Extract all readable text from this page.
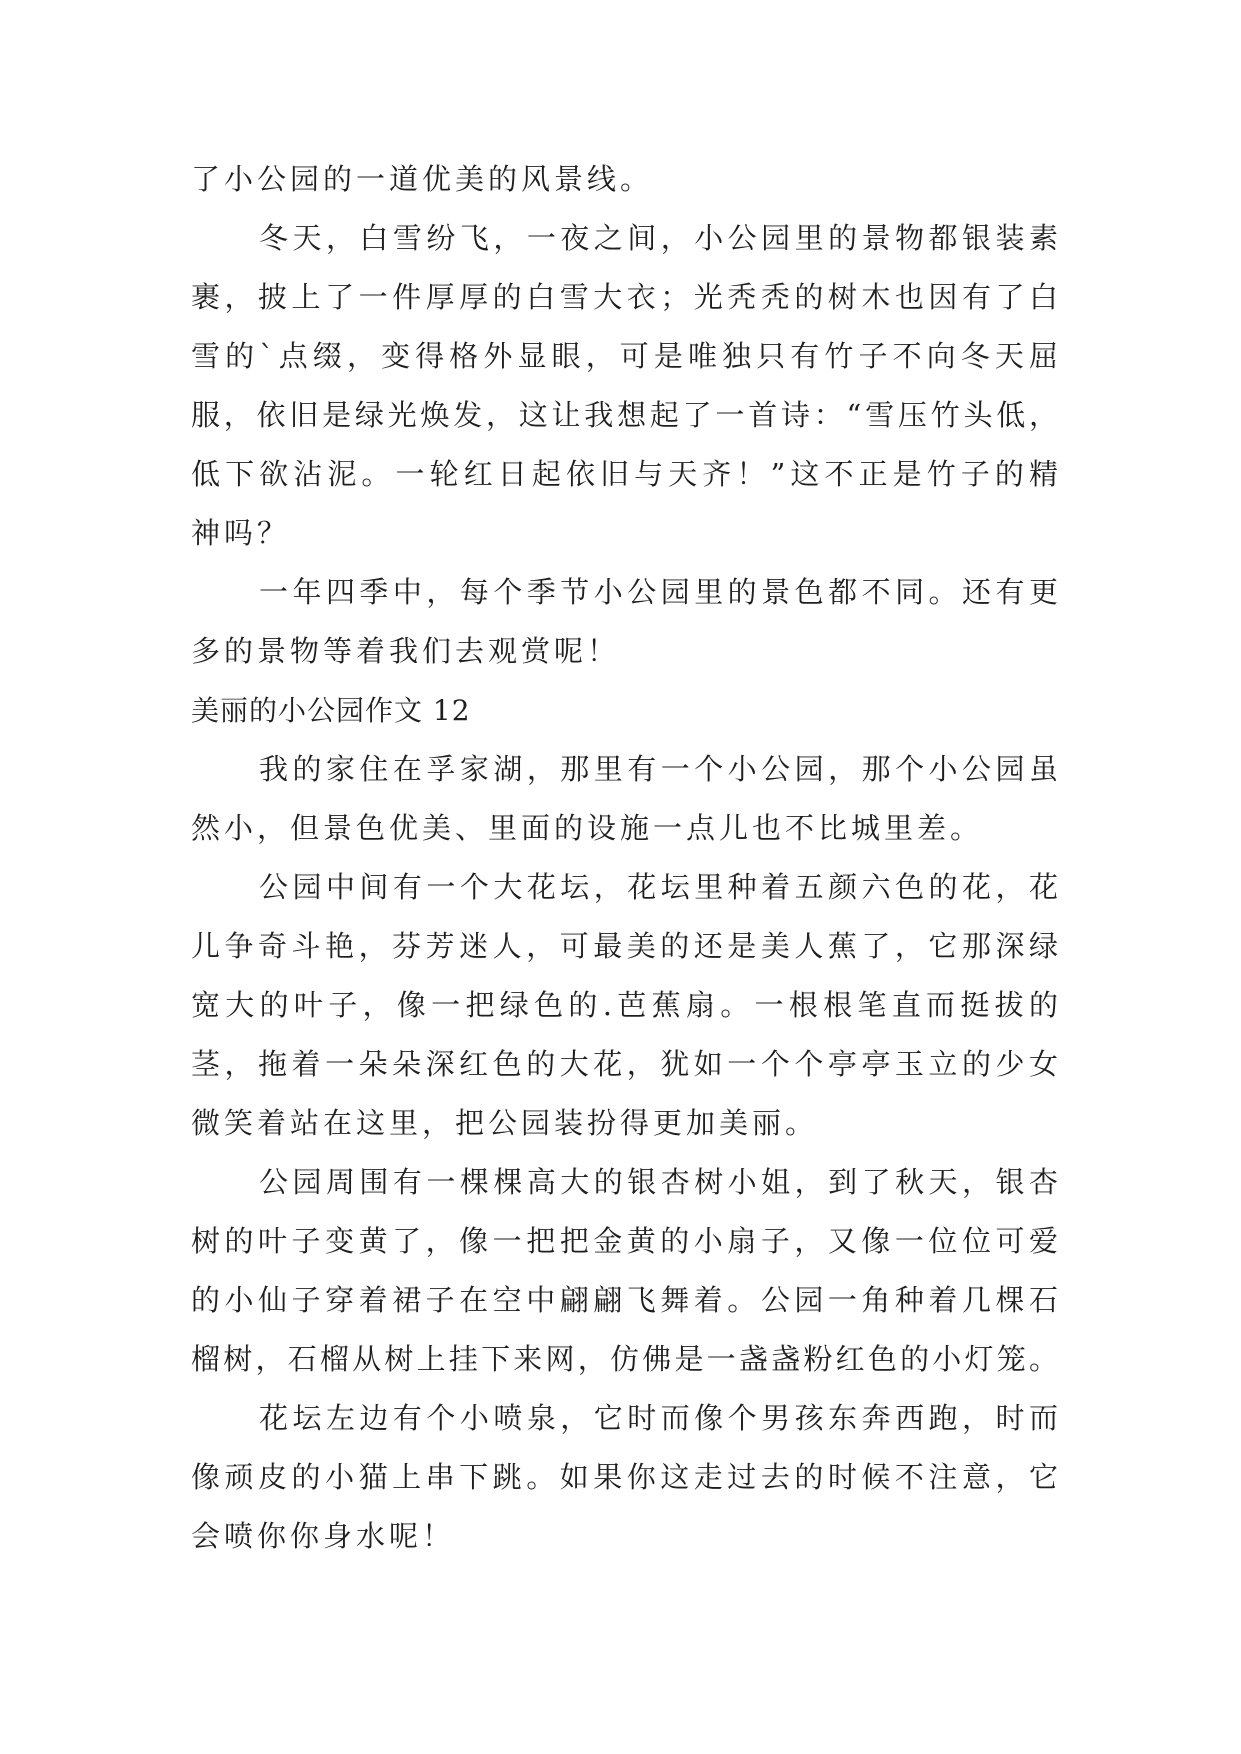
了小公园的一道优美的风景线。
冬天，白雪纷飞，一夜之间，小公园里的景物都银装素
裹，披上了一件厚厚的白雪大衣；光秃秃的树木也因有了白
雪的`点缀，变得格外显眼，可是唯独只有竹子不向冬天屈
服，依旧是绿光焕发，这让我想起了一首诗：“雪压竹头低，
低下欲沾泥。一轮红日起依旧与天齐！”这不正是竹子的精
神吗？
一年四季中，每个季节小公园里的景色都不同。还有更
多的景物等着我们去观赏呢！
美丽的小公园作文 12
我的家住在孚家湖，那里有一个小公园，那个小公园虽
然小，但景色优美、里面的设施一点儿也不比城里差。
公园中间有一个大花坛，花坛里种着五颜六色的花，花
儿争奇斗艳，芬芳迷人，可最美的还是美人蕉了，它那深绿
宽大的叶子，像一把绿色的.芭蕉扇。一根根笔直而挺拔的
茎，拖着一朵朵深红色的大花，犹如一个个亭亭玉立的少女
微笑着站在这里，把公园装扮得更加美丽。
公园周围有一棵棵高大的银杏树小姐，到了秋天，银杏
树的叶子变黄了，像一把把金黄的小扇子，又像一位位可爱
的小仙子穿着裙子在空中翩翩飞舞着。公园一角种着几棵石
榴树，石榴从树上挂下来网，仿佛是一盏盏粉红色的小灯笼。
花坛左边有个小喷泉，它时而像个男孩东奔西跑，时而
像顽皮的小猫上串下跳。如果你这走过去的时候不注意，它
会喷你你身水呢！
